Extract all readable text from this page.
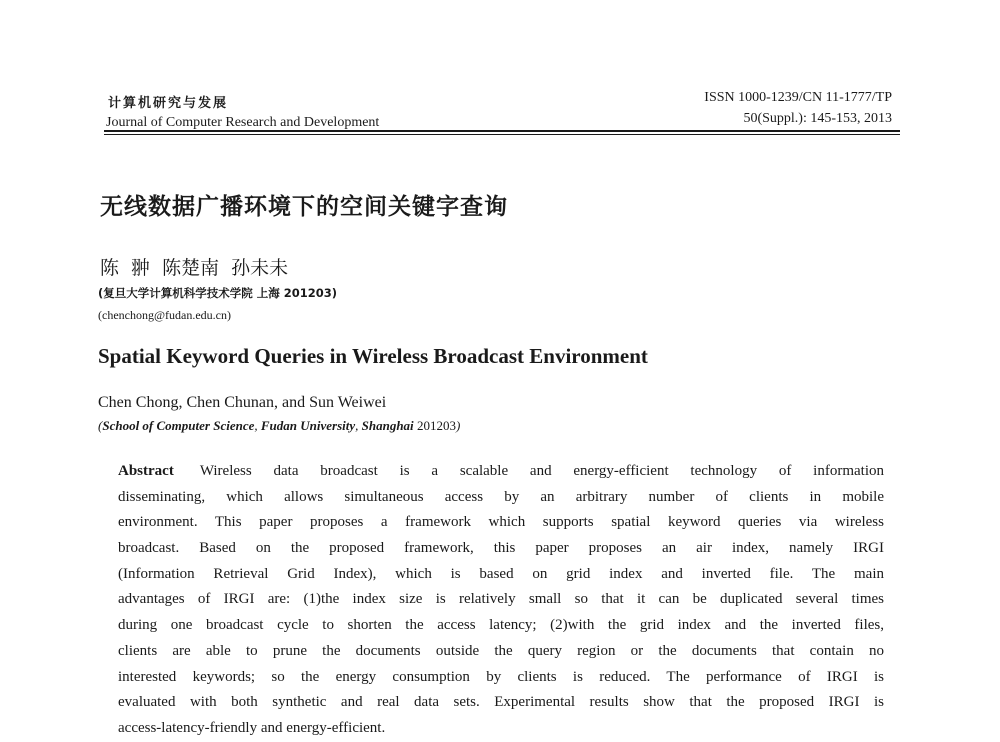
计算机研究与发展
Journal of Computer Research and Development
ISSN 1000-1239/CN 11-1777/TP
50(Suppl.): 145-153, 2013
无线数据广播环境下的空间关键字查询
陈 翀 陈楚南 孙未未
(复旦大学计算机科学技术学院 上海 201203)
(chenchong@fudan.edu.cn)
Spatial Keyword Queries in Wireless Broadcast Environment
Chen Chong, Chen Chunan, and Sun Weiwei
(School of Computer Science, Fudan University, Shanghai 201203)
Abstract Wireless data broadcast is a scalable and energy-efficient technology of information
disseminating, which allows simultaneous access by an arbitrary number of clients in mobile
environment. This paper proposes a framework which supports spatial keyword queries via wireless
broadcast. Based on the proposed framework, this paper proposes an air index, namely IRGI
(Information Retrieval Grid Index), which is based on grid index and inverted file. The main
advantages of IRGI are: (1)the index size is relatively small so that it can be duplicated several times
during one broadcast cycle to shorten the access latency; (2)with the grid index and the inverted files,
clients are able to prune the documents outside the query region or the documents that contain no
interested keywords; so the energy consumption by clients is reduced. The performance of IRGI is
evaluated with both synthetic and real data sets. Experimental results show that the proposed IRGI is
access-latency-friendly and energy-efficient.
